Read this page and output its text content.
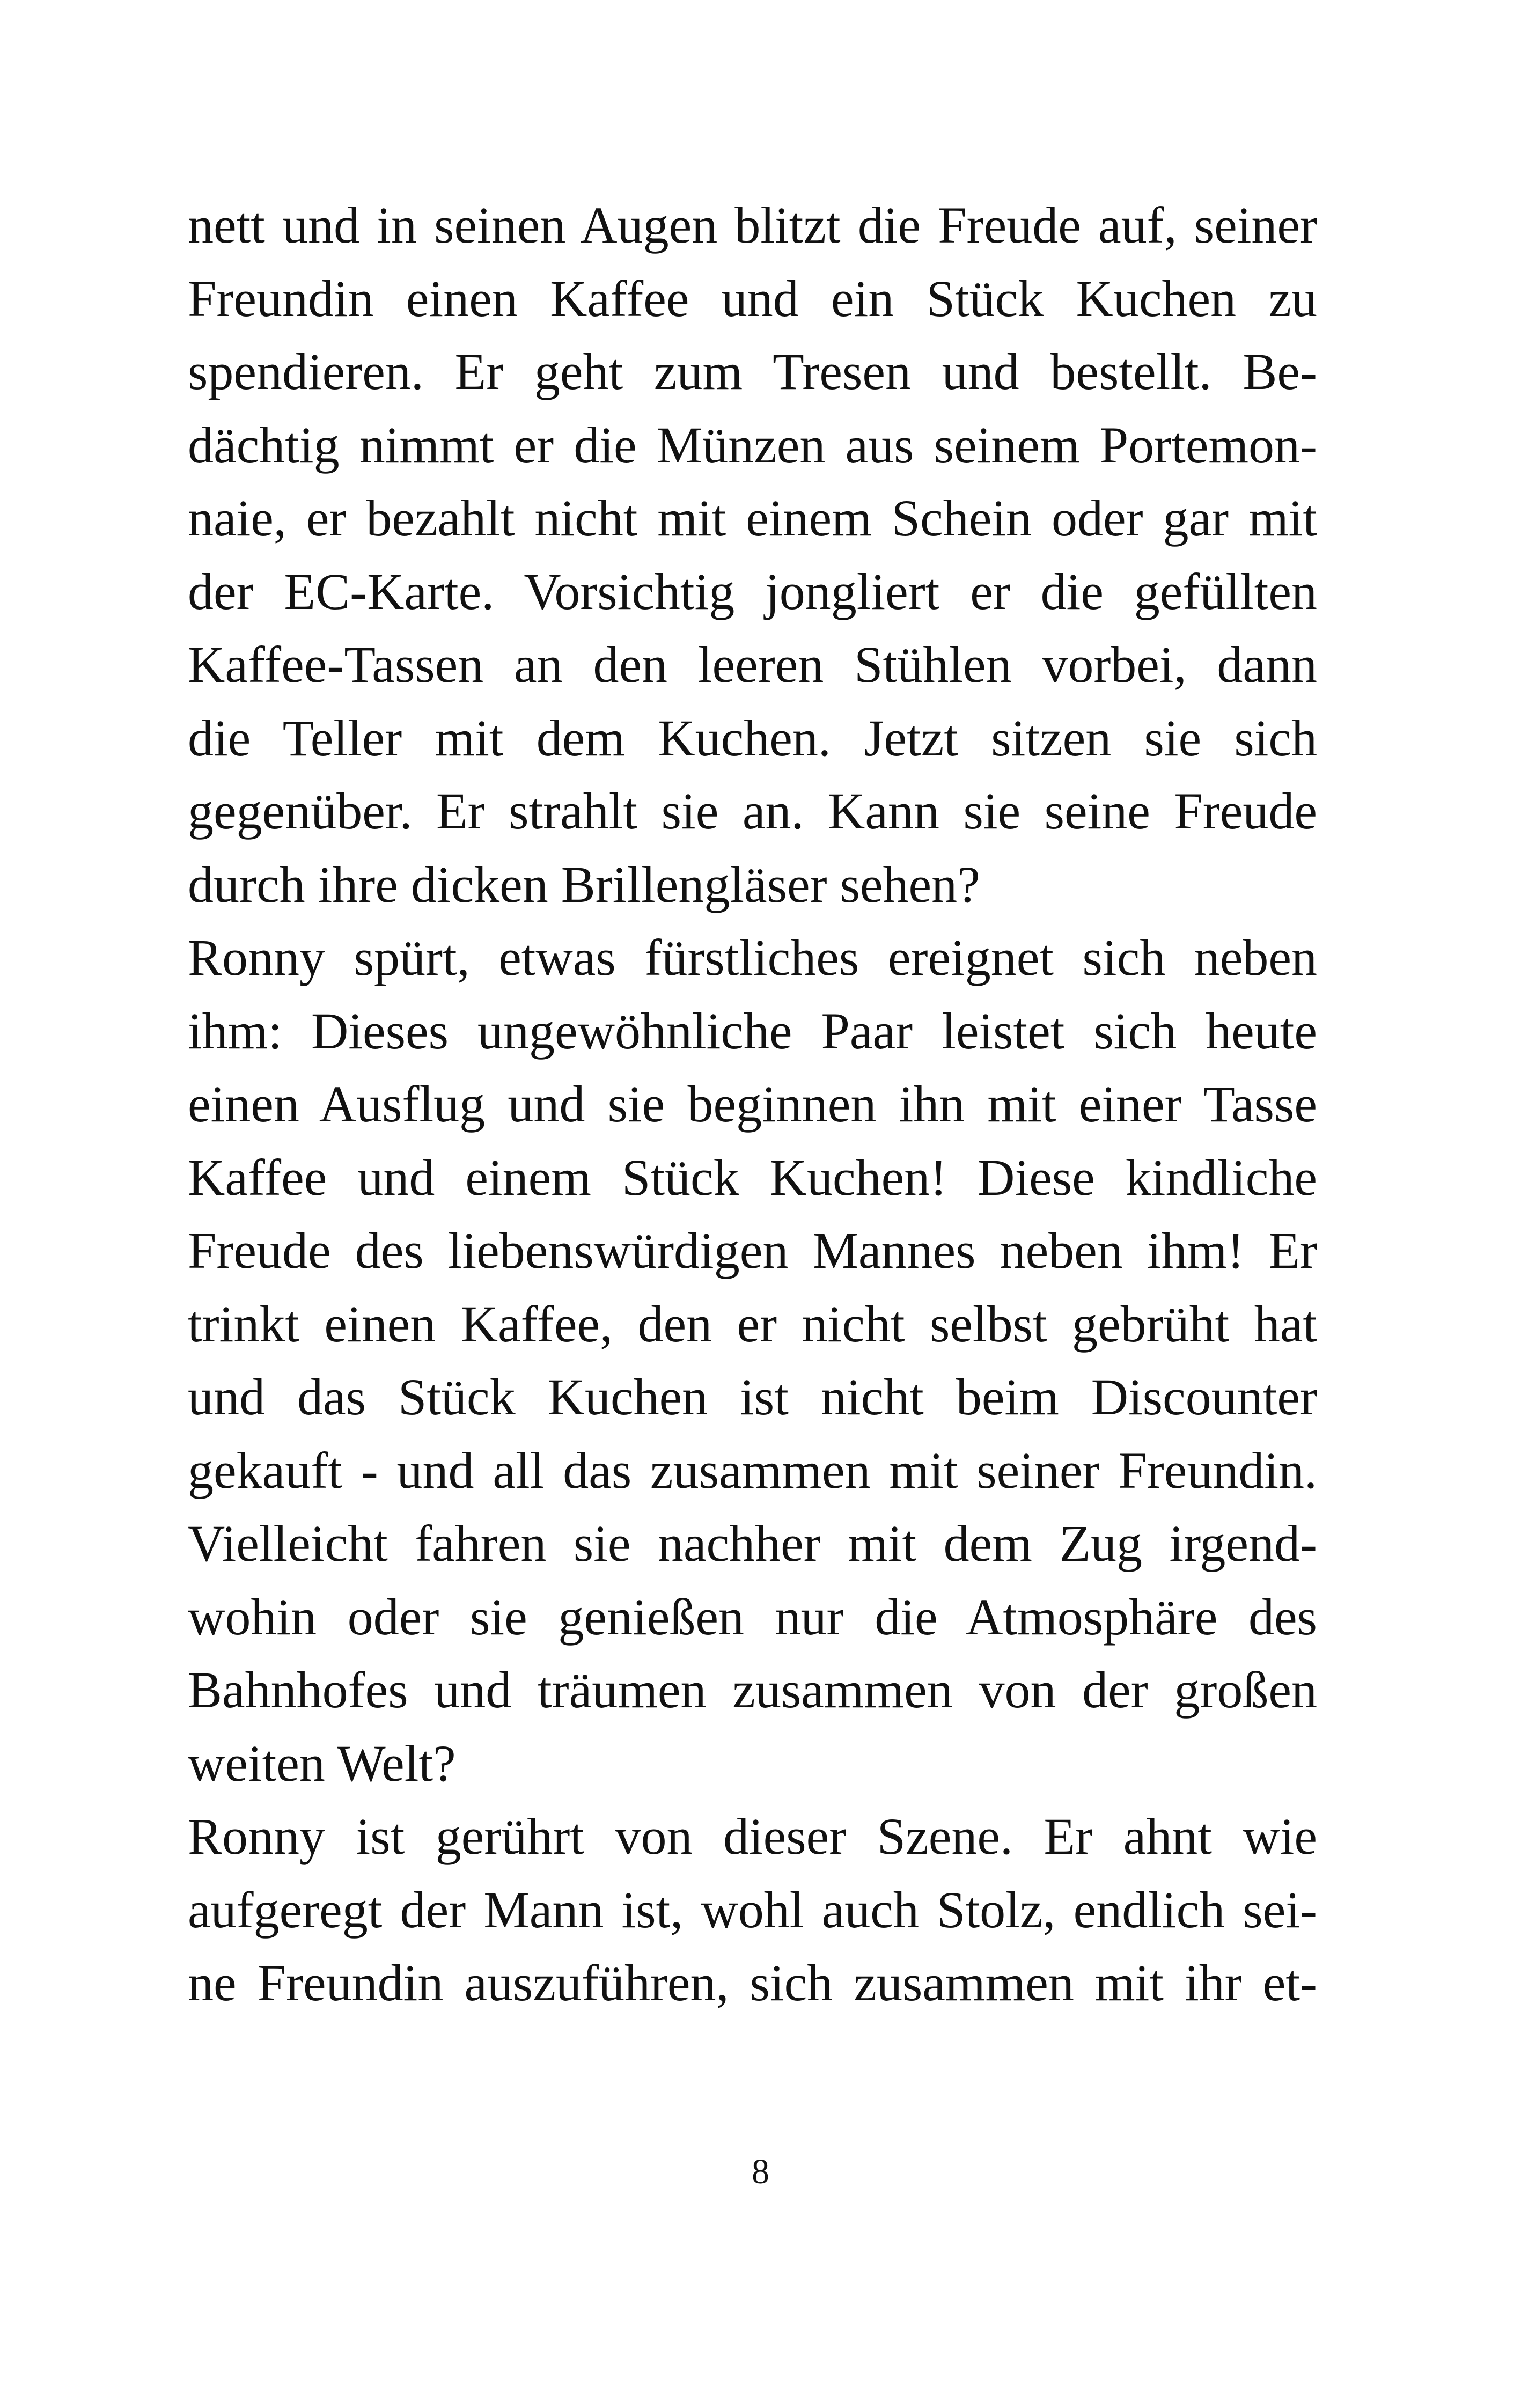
nett und in seinen Augen blitzt die Freude auf, seiner
Freundin einen Kaffee und ein Stück Kuchen zu
spendieren. Er geht zum Tresen und bestellt. Be-
dächtig nimmt er die Münzen aus seinem Portemon-
naie, er bezahlt nicht mit einem Schein oder gar mit
der EC-Karte. Vorsichtig jongliert er die gefüllten
Kaffee-Tassen an den leeren Stühlen vorbei, dann
die Teller mit dem Kuchen. Jetzt sitzen sie sich
gegenüber. Er strahlt sie an. Kann sie seine Freude
durch ihre dicken Brillengläser sehen?
Ronny spürt, etwas fürstliches ereignet sich neben
ihm: Dieses ungewöhnliche Paar leistet sich heute
einen Ausflug und sie beginnen ihn mit einer Tasse
Kaffee und einem Stück Kuchen! Diese kindliche
Freude des liebenswürdigen Mannes neben ihm! Er
trinkt einen Kaffee, den er nicht selbst gebrüht hat
und das Stück Kuchen ist nicht beim Discounter
gekauft - und all das zusammen mit seiner Freundin.
Vielleicht fahren sie nachher mit dem Zug irgend-
wohin oder sie genießen nur die Atmosphäre des
Bahnhofes und träumen zusammen von der großen
weiten Welt?
Ronny ist gerührt von dieser Szene. Er ahnt wie
aufgeregt der Mann ist, wohl auch Stolz, endlich sei-
ne Freundin auszuführen, sich zusammen mit ihr et-
8
